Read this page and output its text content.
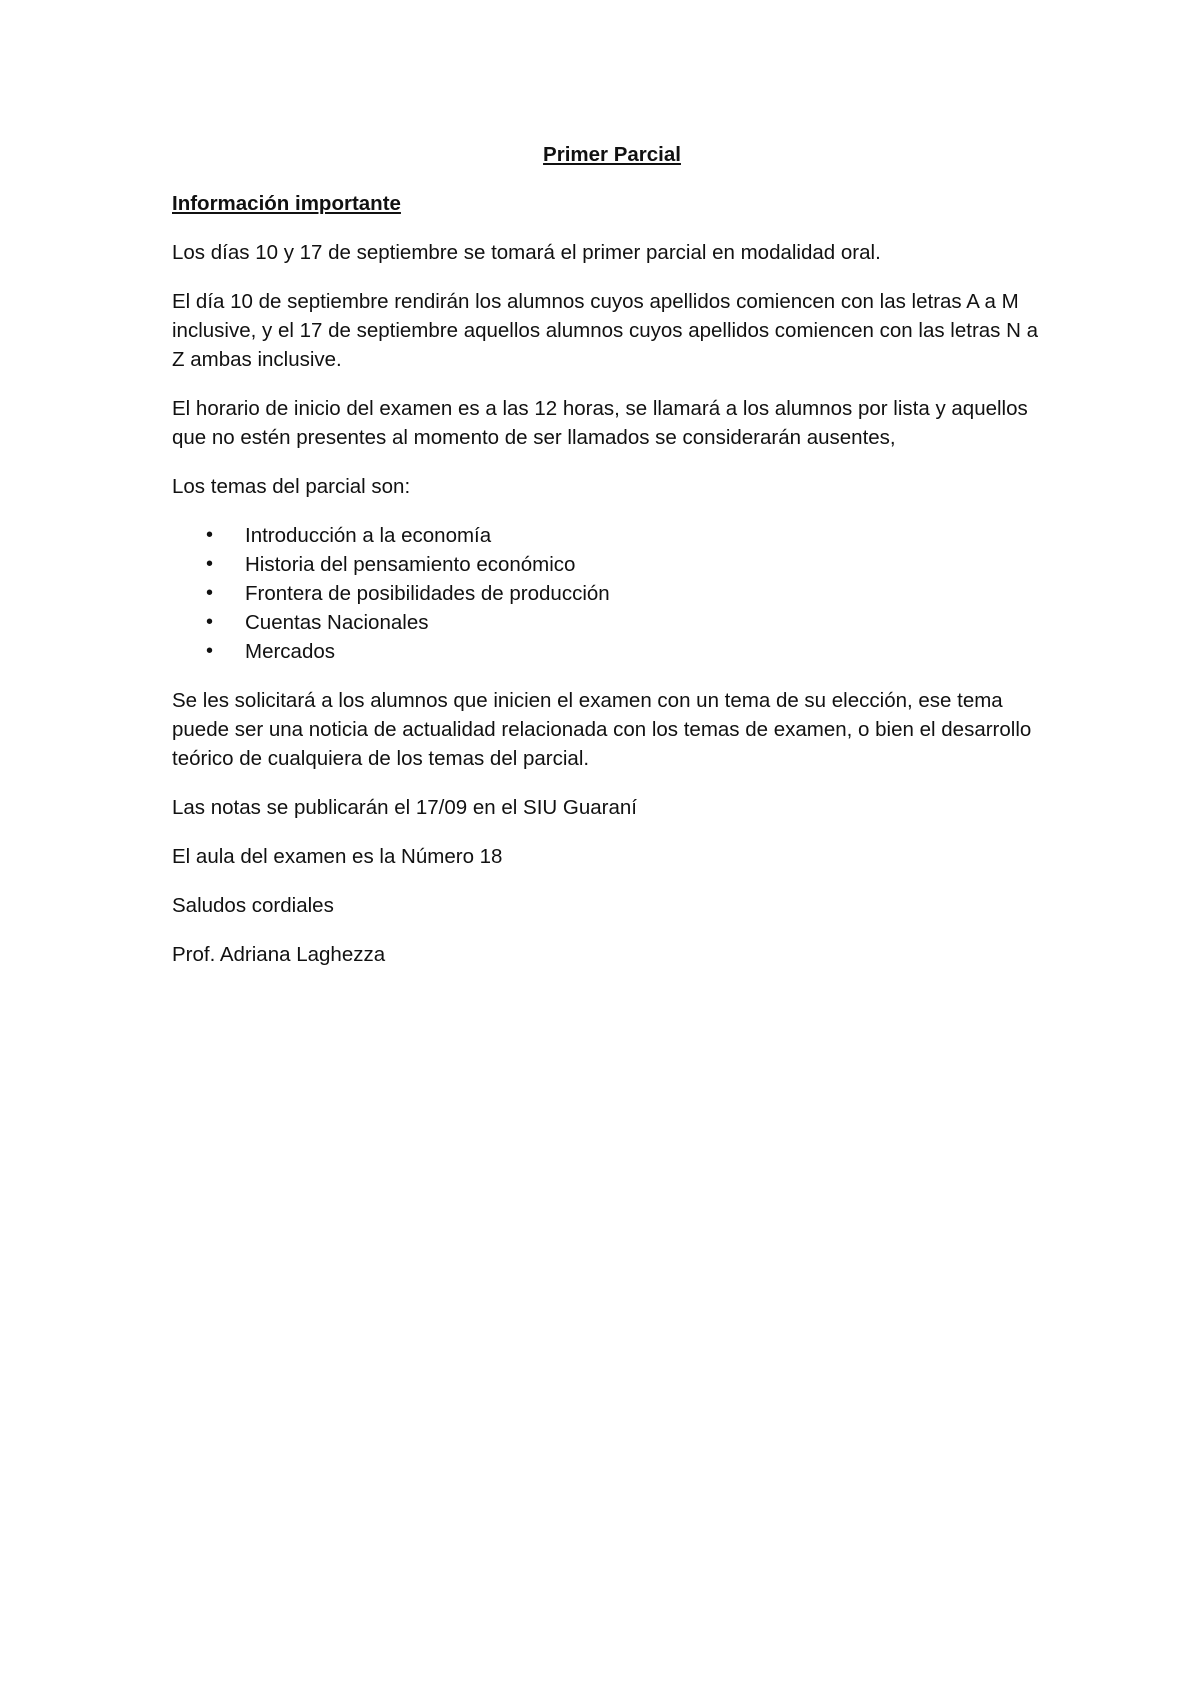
Primer Parcial
Información importante

Los días 10 y 17 de septiembre se tomará el primer parcial en modalidad oral.

El día 10 de septiembre rendirán los alumnos cuyos apellidos comiencen con las letras A a M inclusive, y el 17 de septiembre aquellos alumnos cuyos apellidos comiencen con las letras N a Z ambas inclusive.

El horario de inicio del examen es a las 12 horas, se llamará a los alumnos por lista y aquellos que no estén presentes al momento de ser llamados se considerarán ausentes,

Los temas del parcial son:

• Introducción a la economía
• Historia del pensamiento económico
• Frontera de posibilidades de producción
• Cuentas Nacionales
• Mercados

Se les solicitará a los alumnos que inicien el examen con un tema de su elección, ese tema puede ser una noticia de actualidad relacionada con los temas de examen, o bien el desarrollo teórico de cualquiera de los temas del parcial.

Las notas se publicarán el 17/09 en el SIU Guaraní

El aula del examen es la Número 18

Saludos cordiales

Prof. Adriana Laghezza
